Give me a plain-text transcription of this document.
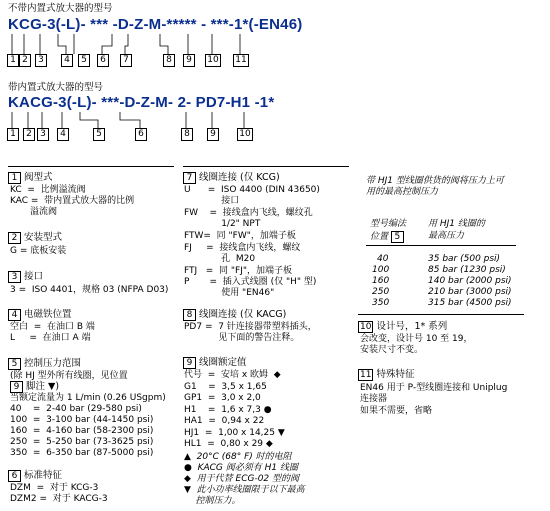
不带内置式放大器的型号
KCG-3(-L)- *** -D-Z-M-***** - ***-1*(-EN46)
带内置式放大器的型号
KACG-3(-L)- ***-D-Z-M- 2- PD7-H1 -1*
1 2	3	4	5	6	7	8	9	10 11
1	2 3	4	5	6	8	9	10
1 阀型式
KC  =  比例溢流阀
KAC =  带内置式放大器的比例
溢流阀
2 安装型式
G = 底板安装
3 接口
3 =  ISO 4401，规格 03 (NFPA D03)
4 电磁铁位置
空白  =  在油口 B 端
L     =  在油口 A 端
5 控制压力范围
(除 HJ 型外所有线圈，见位置
9 脚注 ▼)
当额定流量为 1 L/min (0.26 USgpm)
40    =  2-40 bar (29-580 psi)
100  =  3-100 bar (44-1450 psi)
160  =  4-160 bar (58-2300 psi)
250  =  5-250 bar (73-3625 psi)
350  =  6-350 bar (87-5000 psi)
6 标准特征
DZM  =  对于 KCG-3
DZM2 =  对于 KACG-3
7 线圈连接 (仅 KCG)
U      =  ISO 4400 (DIN 43650)
接口
FW    =  接线盒内飞线，螺纹孔
1/2" NPT
FTW=  同 "FW"，加端子板
FJ     =  接线盒内飞线，螺纹
孔  M20
FTJ   =  同 "FJ"，加端子板
P       =  插入式线圈 (仅 "H" 型)
使用 "EN46"
8 线圈连接 (仅 KACG)
PD7 =  7 针连接器带塑料插头，
见下面的警告注释。
9 线圈额定值
代号  =  安培 x 欧姆  ◆
G1    =  3,5 x 1,65
GP1  =  3,0 x 2,0
H1    =  1,6 x 7,3 ●
HA1  =  0,94 x 22
HJ1  =  1,00 x 14,25 ▼
HL1  =  0,80 x 29 ◆
▲  20°C (68° F) 时的电阻
●  KACG 阀必须有 H1 线圈
◆  用于代替 ECG-02 型的阀
▼  此小功率线圈限于以下最高
控制压力。
带 HJ1 型线圈供货的阀将压力上可
用的最高控制压力
型号编法
位置 5
用 HJ1 线圈的
最高压力
40	35 bar (500 psi)
100	85 bar (1230 psi)
160	140 bar (2000 psi)
250	210 bar (3000 psi)
350	315 bar (4500 psi)
10 设计号，1* 系列
会改变，设计号 10 至 19，
安装尺寸不变。
11 特殊特征
EN46 用于 P-型线圈连接和 Uniplug
连接器
如果不需要，省略
